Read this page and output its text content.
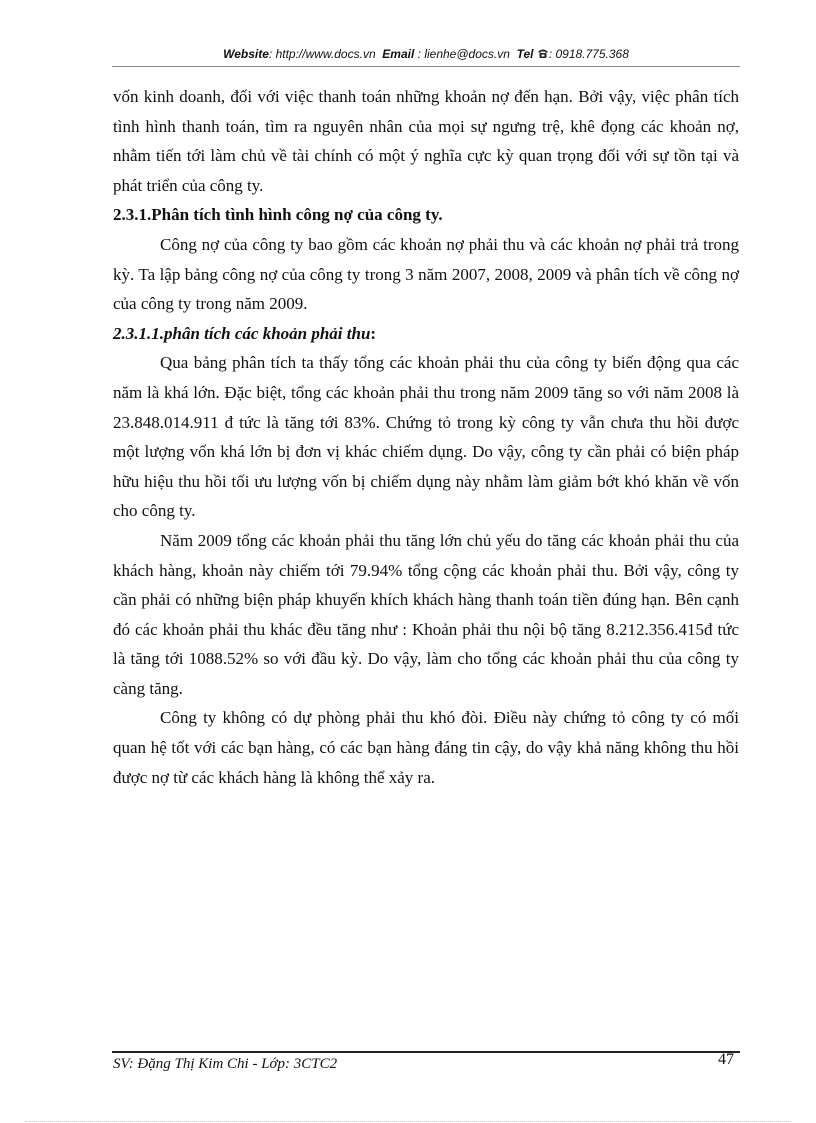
Website: http://www.docs.vn Email : lienhe@docs.vn Tel : 0918.775.368

vốn kinh doanh, đối với việc thanh toán những khoản nợ đến hạn. Bởi vậy, việc phân tích tình hình thanh toán, tìm ra nguyên nhân của mọi sự ngưng trệ, khê đọng các khoản nợ, nhằm tiến tới làm chủ về tài chính có một ý nghĩa cực kỳ quan trọng đối với sự tồn tại và phát triển của công ty.

2.3.1.Phân tích tình hình công nợ của công ty.

Công nợ của công ty bao gồm các khoản nợ phải thu và các khoản nợ phải trả trong kỳ. Ta lập bảng công nợ của công ty trong 3 năm 2007, 2008, 2009 và phân tích về công nợ của công ty trong năm 2009.

2.3.1.1.phân tích các khoản phải thu:

Qua bảng phân tích ta thấy tổng các khoản phải thu của công ty biến động qua các năm là khá lớn. Đặc biệt, tổng các khoản phải thu trong năm 2009 tăng so với năm 2008 là 23.848.014.911 đ tức là tăng tới 83%. Chứng tỏ trong kỳ công ty vẫn chưa thu hồi được một lượng vốn khá lớn bị đơn vị khác chiếm dụng. Do vậy, công ty cần phải có biện pháp hữu hiệu thu hồi tối ưu lượng vốn bị chiếm dụng này nhằm làm giảm bớt khó khăn về vốn cho công ty.

Năm 2009 tổng các khoản phải thu tăng lớn chủ yếu do tăng các khoản phải thu của khách hàng, khoản này chiếm tới 79.94% tổng cộng các khoản phải thu. Bởi vậy, công ty cần phải có những biện pháp khuyến khích khách hàng thanh toán tiền đúng hạn. Bên cạnh đó các khoản phải thu khác đều tăng như : Khoản phải thu nội bộ tăng 8.212.356.415đ tức là tăng tới 1088.52% so với đầu kỳ. Do vậy, làm cho tổng các khoản phải thu của công ty càng tăng.

Công ty không có dự phòng phải thu khó đòi. Điều này chứng tỏ công ty có mối quan hệ tốt với các bạn hàng, có các bạn hàng đáng tin cậy, do vậy khả năng không thu hồi được nợ từ các khách hàng là không thể xảy ra.

SV: Đặng Thị Kim Chi - Lớp: 3CTC2	47
